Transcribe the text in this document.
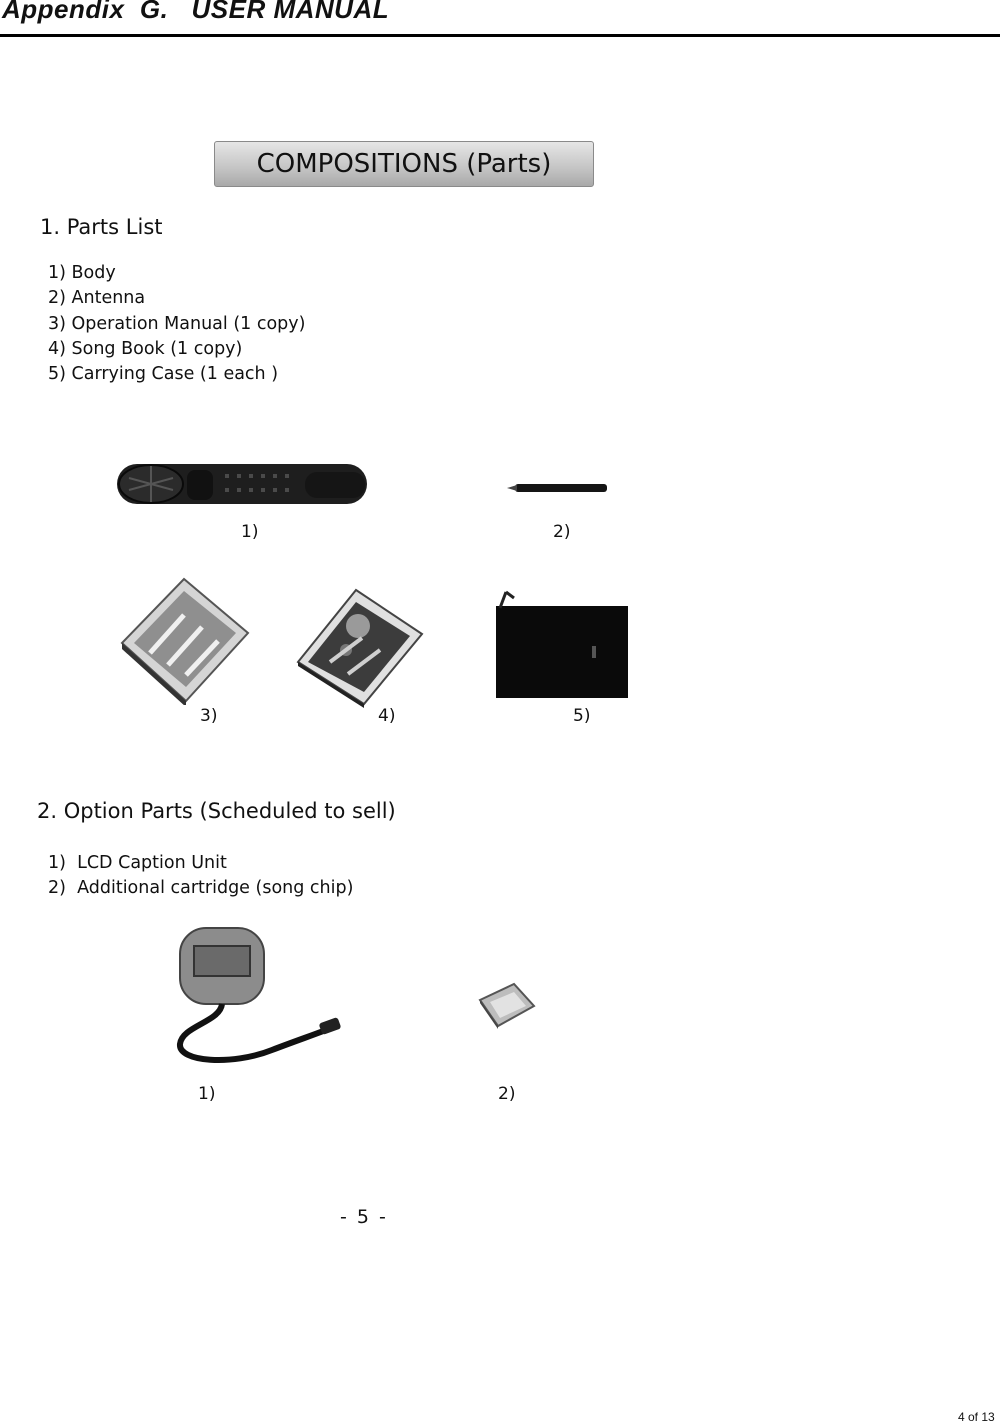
Appendix  G.   USER MANUAL
COMPOSITIONS (Parts)
1. Parts List
1) Body
2) Antenna
3) Operation Manual (1 copy)
4) Song Book (1 copy)
5) Carrying Case (1 each )
1)	2)
3)	4)	5)
2. Option Parts (Scheduled to sell)
1)  LCD Caption Unit
2)  Additional cartridge (song chip)
1)	2)
- 5 -
4 of 13
